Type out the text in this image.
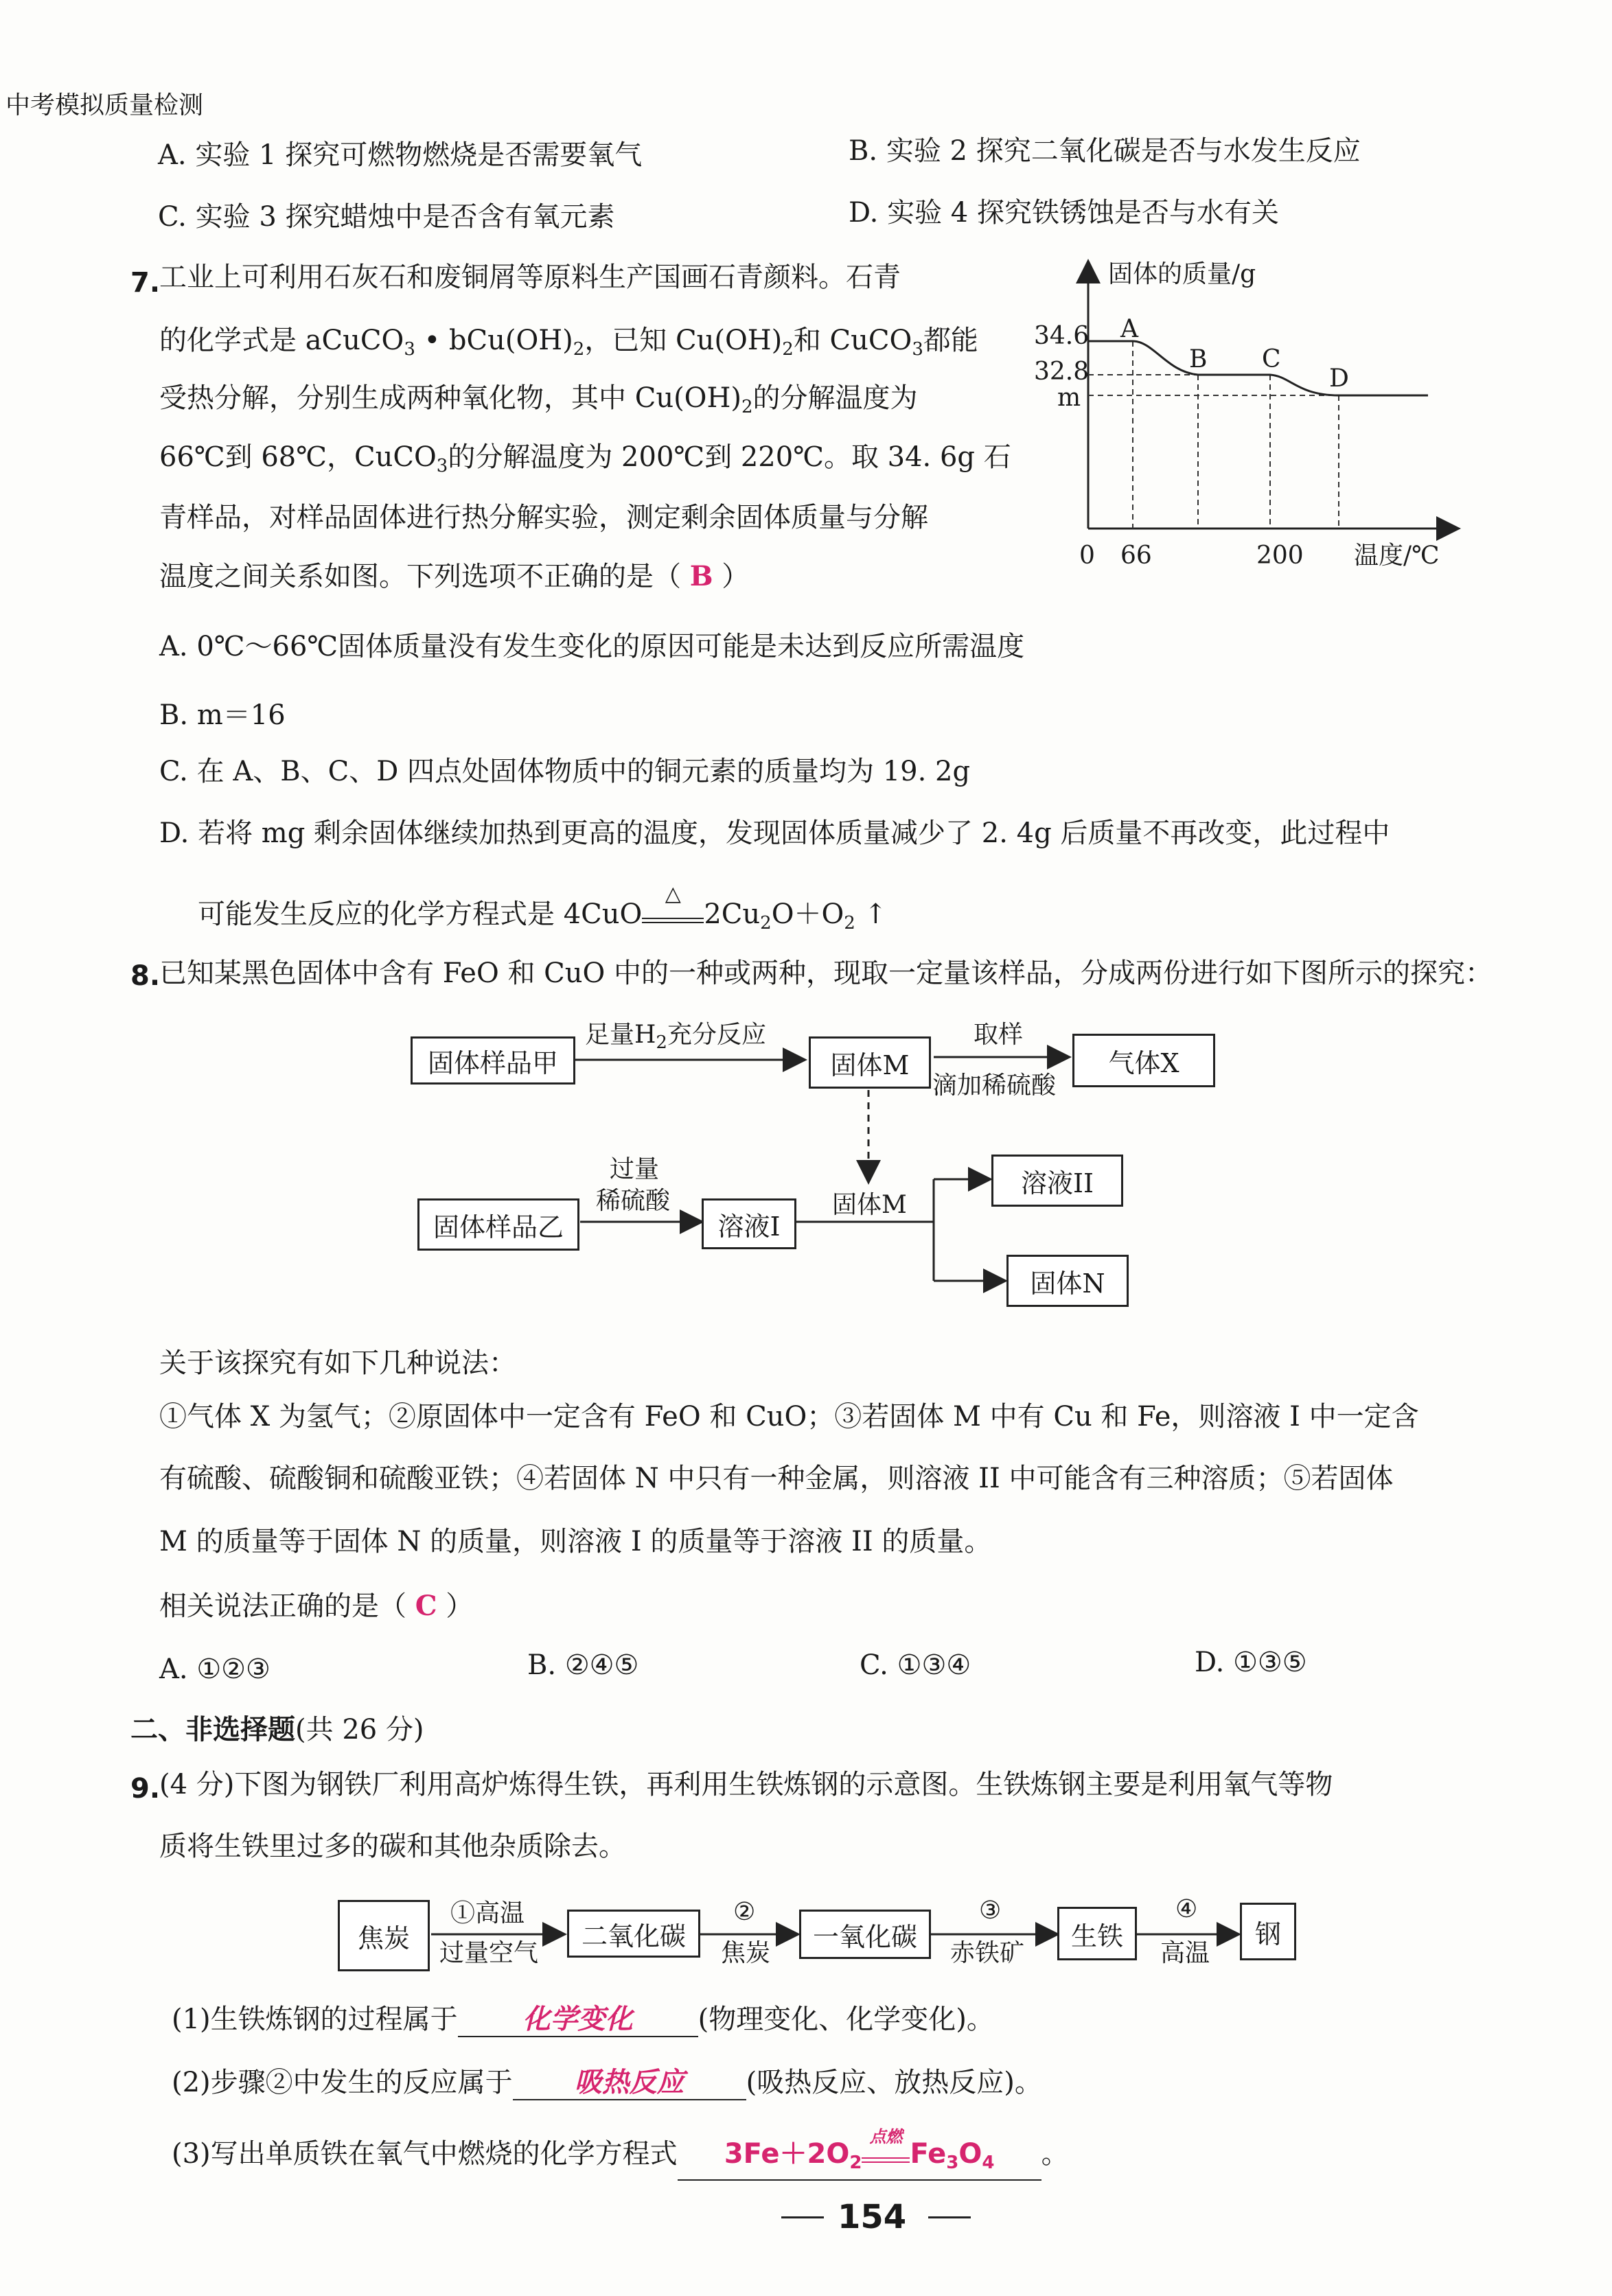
中考模拟质量检测
A. 实验 1 探究可燃物燃烧是否需要氧气	B. 实验 2 探究二氧化碳是否与水发生反应
C. 实验 3 探究蜡烛中是否含有氧元素	D. 实验 4 探究铁锈蚀是否与水有关
7.
工业上可利用石灰石和废铜屑等原料生产国画石青颜料。石青
的化学式是 aCuCO$_3$ • $bCu(OH)_2$，已知 $Cu(OH)_2$和 CuCO$_3$都能
受热分解，分别生成两种氧化物，其中 $Cu(OH)_2$的分解温度为
66℃到 68℃，CuCO$_3$的分解温度为 200℃到 220℃。取 34. 6g 石
青样品，对样品固体进行热分解实验，测定剩余固体质量与分解
温度之间关系如图。下列选项不正确的是（ B ）
固体的质量/g
34.6
32.8
m
A
B C
D
0 66	200 温度/℃
A. 0℃～66℃固体质量没有发生变化的原因可能是未达到反应所需温度
B. m＝16
C. 在 A、B、C、D 四点处固体物质中的铜元素的质量均为 19. 2g
D. 若将 mg 剩余固体继续加热到更高的温度，发现固体质量减少了 2. 4g 后质量不再改变，此过程中
可能发生反应的化学方程式是 4CuO
△
$2Cu_2O+O_2$ ↑
8.
已知某黑色固体中含有 FeO 和 CuO 中的一种或两种，现取一定量该样品，分成两份进行如下图所示的探究：
固体样品甲
足量$H_2$充分反应
固体M
取样
滴加稀硫酸
气体X
固体样品乙
过量
稀硫酸
溶液I
固体M
溶液II
固体N
关于该探究有如下几种说法：
①气体 X 为氢气；②原固体中一定含有 FeO 和 CuO；③若固体 M 中有 Cu 和 Fe，则溶液 I 中一定含
有硫酸、硫酸铜和硫酸亚铁；④若固体 N 中只有一种金属，则溶液 II 中可能含有三种溶质；⑤若固体
M 的质量等于固体 N 的质量，则溶液 I 的质量等于溶液 II 的质量。
相关说法正确的是（ C ）
A. ①②③	B. ②④⑤	C. ①③④	D. ①③⑤
二、非选择题(共 26 分)
9.
(4 分)下图为钢铁厂利用高炉炼得生铁，再利用生铁炼钢的示意图。生铁炼钢主要是利用氧气等物
质将生铁里过多的碳和其他杂质除去。
焦炭
①高温
过量空气
二氧化碳
②
焦炭
一氧化碳
③
赤铁矿
生铁
④
高温
钢
(1)生铁炼钢的过程属于 化学变化 (物理变化、化学变化)。
(2)步骤②中发生的反应属于 吸热反应 (吸热反应、放热反应)。
(3)写出单质铁在氧气中燃烧的化学方程式 $3Fe+2O_2$
点燃
$Fe_3O_4$ 。
154
